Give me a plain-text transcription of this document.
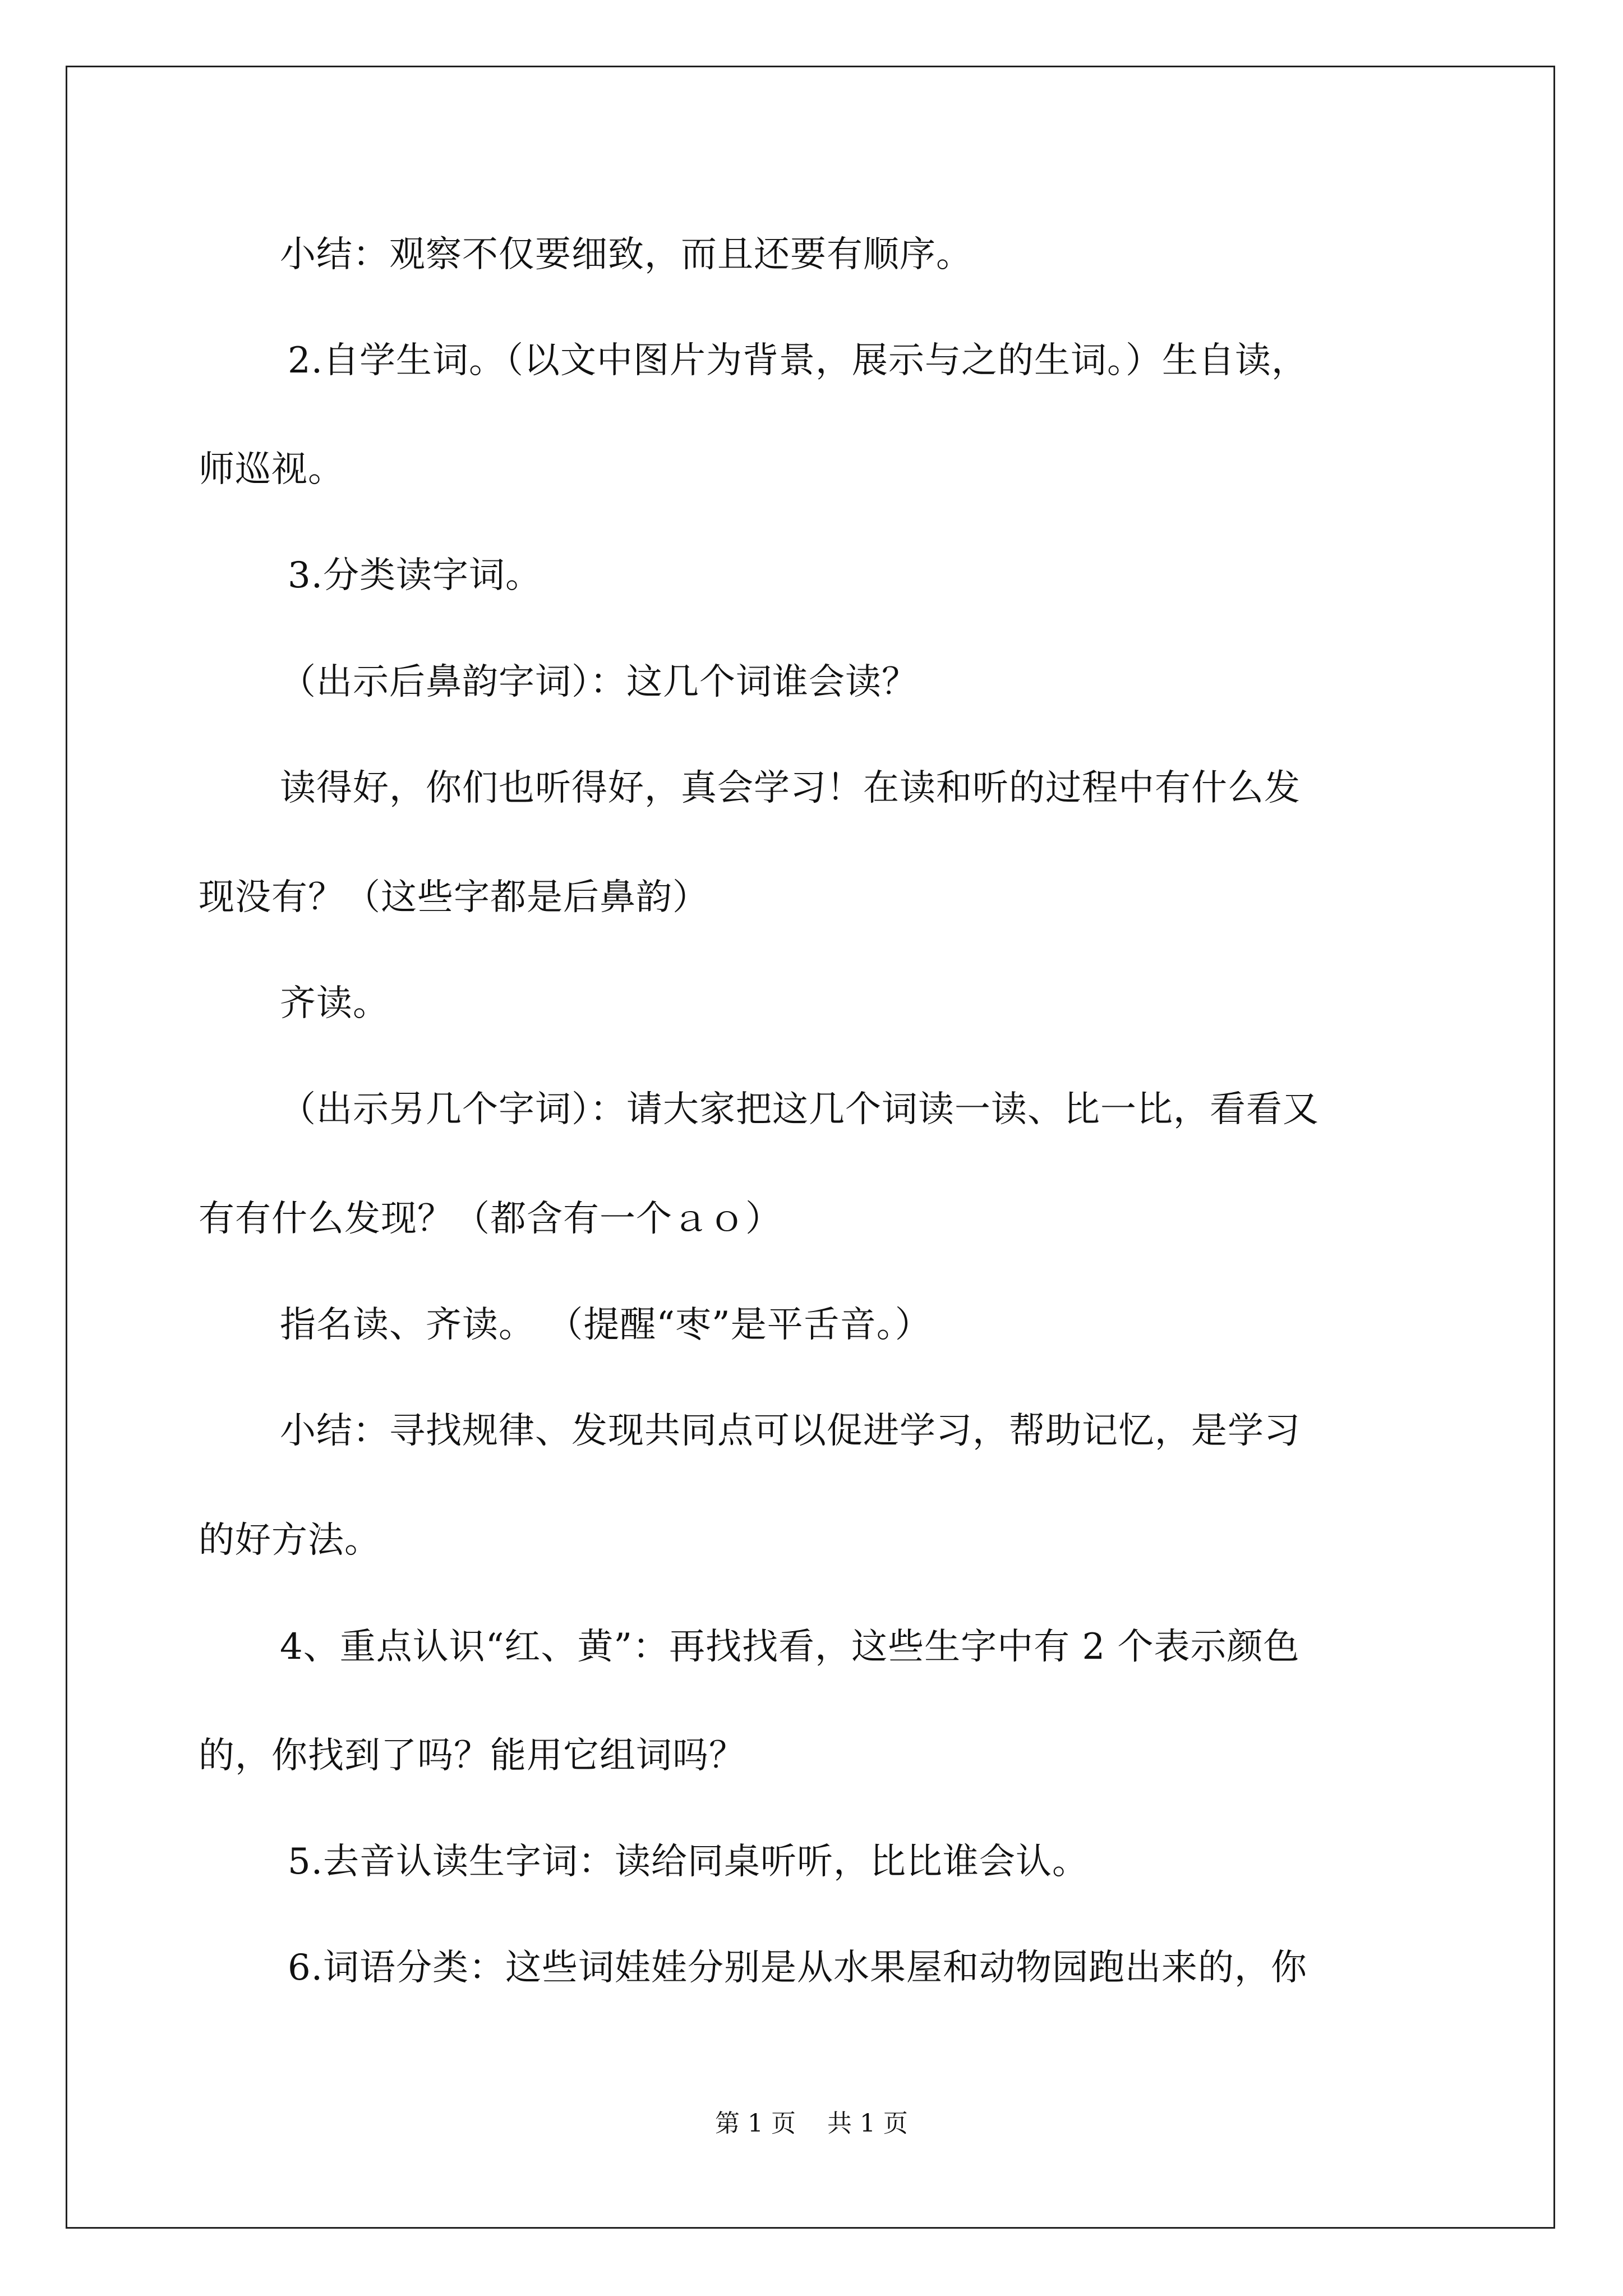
小结：观察不仅要细致，而且还要有顺序。
2.自学生词。（以文中图片为背景，展示与之的生词。）生自读，
师巡视。
3.分类读字词。
（出示后鼻韵字词）：这几个词谁会读？
读得好，你们也听得好，真会学习！在读和听的过程中有什么发
现没有？（这些字都是后鼻韵）
齐读。
（出示另几个字词）：请大家把这几个词读一读、比一比，看看又
有有什么发现？（都含有一个ａｏ）
指名读、齐读。 （提醒“枣”是平舌音。）
小结：寻找规律、发现共同点可以促进学习，帮助记忆，是学习
的好方法。
4、重点认识“红、黄”：再找找看，这些生字中有 2 个表示颜色
的，你找到了吗？能用它组词吗？
5.去音认读生字词：读给同桌听听，比比谁会认。
6.词语分类：这些词娃娃分别是从水果屋和动物园跑出来的，你
第 1 页    共 1 页
